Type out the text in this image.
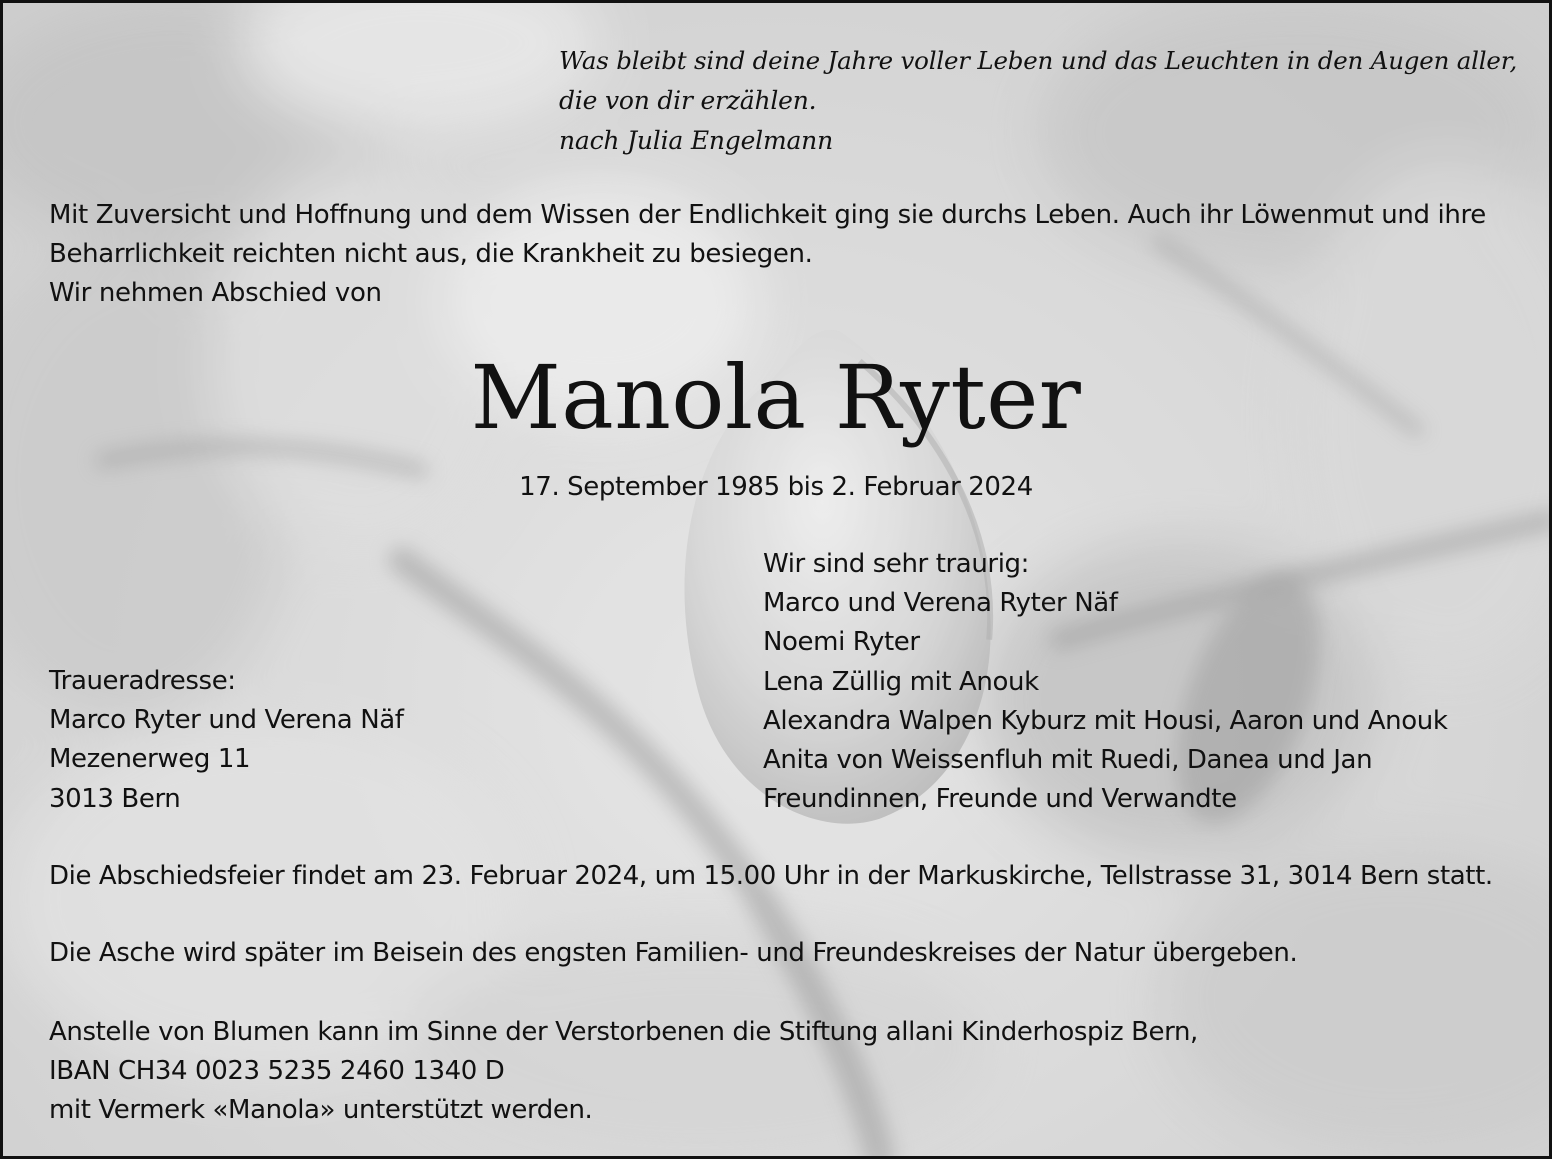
Was bleibt sind deine Jahre voller Leben und das Leuchten in den Augen aller,
die von dir erzählen.
nach Julia Engelmann
Mit Zuversicht und Hoffnung und dem Wissen der Endlichkeit ging sie durchs Leben. Auch ihr Löwenmut und ihre
Beharrlichkeit reichten nicht aus, die Krankheit zu besiegen.
Wir nehmen Abschied von
Manola Ryter
17. September 1985 bis 2. Februar 2024
Wir sind sehr traurig:
Marco und Verena Ryter Näf
Noemi Ryter
Lena Züllig mit Anouk
Alexandra Walpen Kyburz mit Housi, Aaron und Anouk
Anita von Weissenfluh mit Ruedi, Danea und Jan
Freundinnen, Freunde und Verwandte
Traueradresse:
Marco Ryter und Verena Näf
Mezenerweg 11
3013 Bern
Die Abschiedsfeier findet am 23. Februar 2024, um 15.00 Uhr in der Markuskirche, Tellstrasse 31, 3014 Bern statt.
Die Asche wird später im Beisein des engsten Familien- und Freundeskreises der Natur übergeben.
Anstelle von Blumen kann im Sinne der Verstorbenen die Stiftung allani Kinderhospiz Bern,
IBAN CH34 0023 5235 2460 1340 D
mit Vermerk «Manola» unterstützt werden.
